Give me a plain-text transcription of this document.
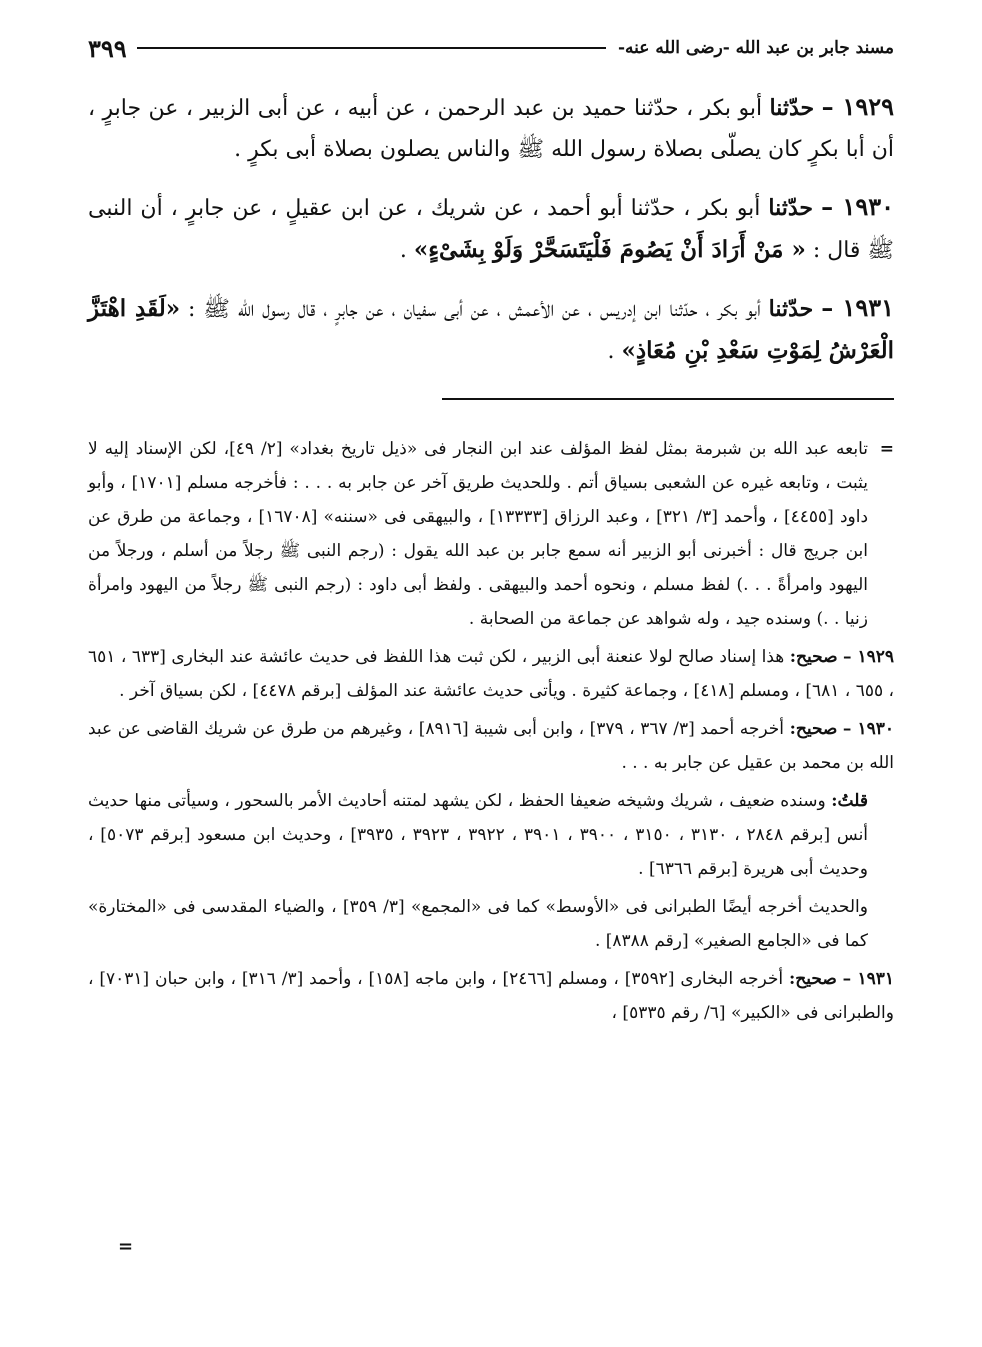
مسند جابر بن عبد الله -رضى الله عنه-
٣٩٩

١٩٢٩ – حدّثنا أبو بكر ، حدّثنا حميد بن عبد الرحمن ، عن أبيه ، عن أبى الزبير ، عن جابرٍ ، أن أبا بكرٍ كان يصلّى بصلاة رسول الله ﷺ والناس يصلون بصلاة أبى بكرٍ .

١٩٣٠ – حدّثنا أبو بكر ، حدّثنا أبو أحمد ، عن شريك ، عن ابن عقيلٍ ، عن جابرٍ ، أن النبى ﷺ قال : « مَنْ أَرَادَ أَنْ يَصُومَ فَلْيَتَسَحَّرْ وَلَوْ بِشَىْءٍ» .

١٩٣١ – حدّثنا أبو بكر ، حدّثنا ابن إدريس ، عن الأعمش ، عن أبى سفيان ، عن جابرٍ ، قال رسول الله ﷺ : «لَقَدِ اهْتَزَّ الْعَرْشُ لِمَوْتِ سَعْدِ بْنِ مُعَاذٍ» .

=
تابعه عبد الله بن شبرمة بمثل لفظ المؤلف عند ابن النجار فى «ذيل تاريخ بغداد» [٢/ ٤٩]، لكن الإسناد إليه لا يثبت ، وتابعه غيره عن الشعبى بسياق أتم . وللحديث طريق آخر عن جابر به . . . : فأخرجه مسلم [١٧٠١] ، وأبو داود [٤٤٥٥] ، وأحمد [٣/ ٣٢١] ، وعبد الرزاق [١٣٣٣٣] ، والبيهقى فى «سننه» [١٦٧٠٨] ، وجماعة من طرق عن ابن جريج قال : أخبرنى أبو الزبير أنه سمع جابر بن عبد الله يقول : (رجم النبى ﷺ رجلاً من أسلم ، ورجلاً من اليهود وامرأةً . . .) لفظ مسلم ، ونحوه أحمد والبيهقى . ولفظ أبى داود : (رجم النبى ﷺ رجلاً من اليهود وامرأة زنيا . .) وسنده جيد ، وله شواهد عن جماعة من الصحابة .

١٩٢٩ – صحيح: هذا إسناد صالح لولا عنعنة أبى الزبير ، لكن ثبت هذا اللفظ فى حديث عائشة عند البخارى [٦٣٣ ، ٦٥١ ، ٦٥٥ ، ٦٨١] ، ومسلم [٤١٨] ، وجماعة كثيرة . ويأتى حديث عائشة عند المؤلف [برقم ٤٤٧٨] ، لكن بسياق آخر .

١٩٣٠ – صحيح: أخرجه أحمد [٣/ ٣٦٧ ، ٣٧٩] ، وابن أبى شيبة [٨٩١٦] ، وغيرهم من طرق عن شريك القاضى عن عبد الله بن محمد بن عقيل عن جابر به . . .

قلتُ: وسنده ضعيف ، شريك وشيخه ضعيفا الحفظ ، لكن يشهد لمتنه أحاديث الأمر بالسحور ، وسيأتى منها حديث أنس [برقم ٢٨٤٨ ، ٣١٣٠ ، ٣١٥٠ ، ٣٩٠٠ ، ٣٩٠١ ، ٣٩٢٢ ، ٣٩٢٣ ، ٣٩٣٥] ، وحديث ابن مسعود [برقم ٥٠٧٣] ، وحديث أبى هريرة [برقم ٦٣٦٦] .

والحديث أخرجه أيضًا الطبرانى فى «الأوسط» كما فى «المجمع» [٣/ ٣٥٩] ، والضياء المقدسى فى «المختارة» كما فى «الجامع الصغير» [رقم ٨٣٨٨] .

١٩٣١ – صحيح: أخرجه البخارى [٣٥٩٢] ، ومسلم [٢٤٦٦] ، وابن ماجه [١٥٨] ، وأحمد [٣/ ٣١٦] ، وابن حبان [٧٠٣١] ، والطبرانى فى «الكبير» [٦/ رقم ٥٣٣٥] ،

=
